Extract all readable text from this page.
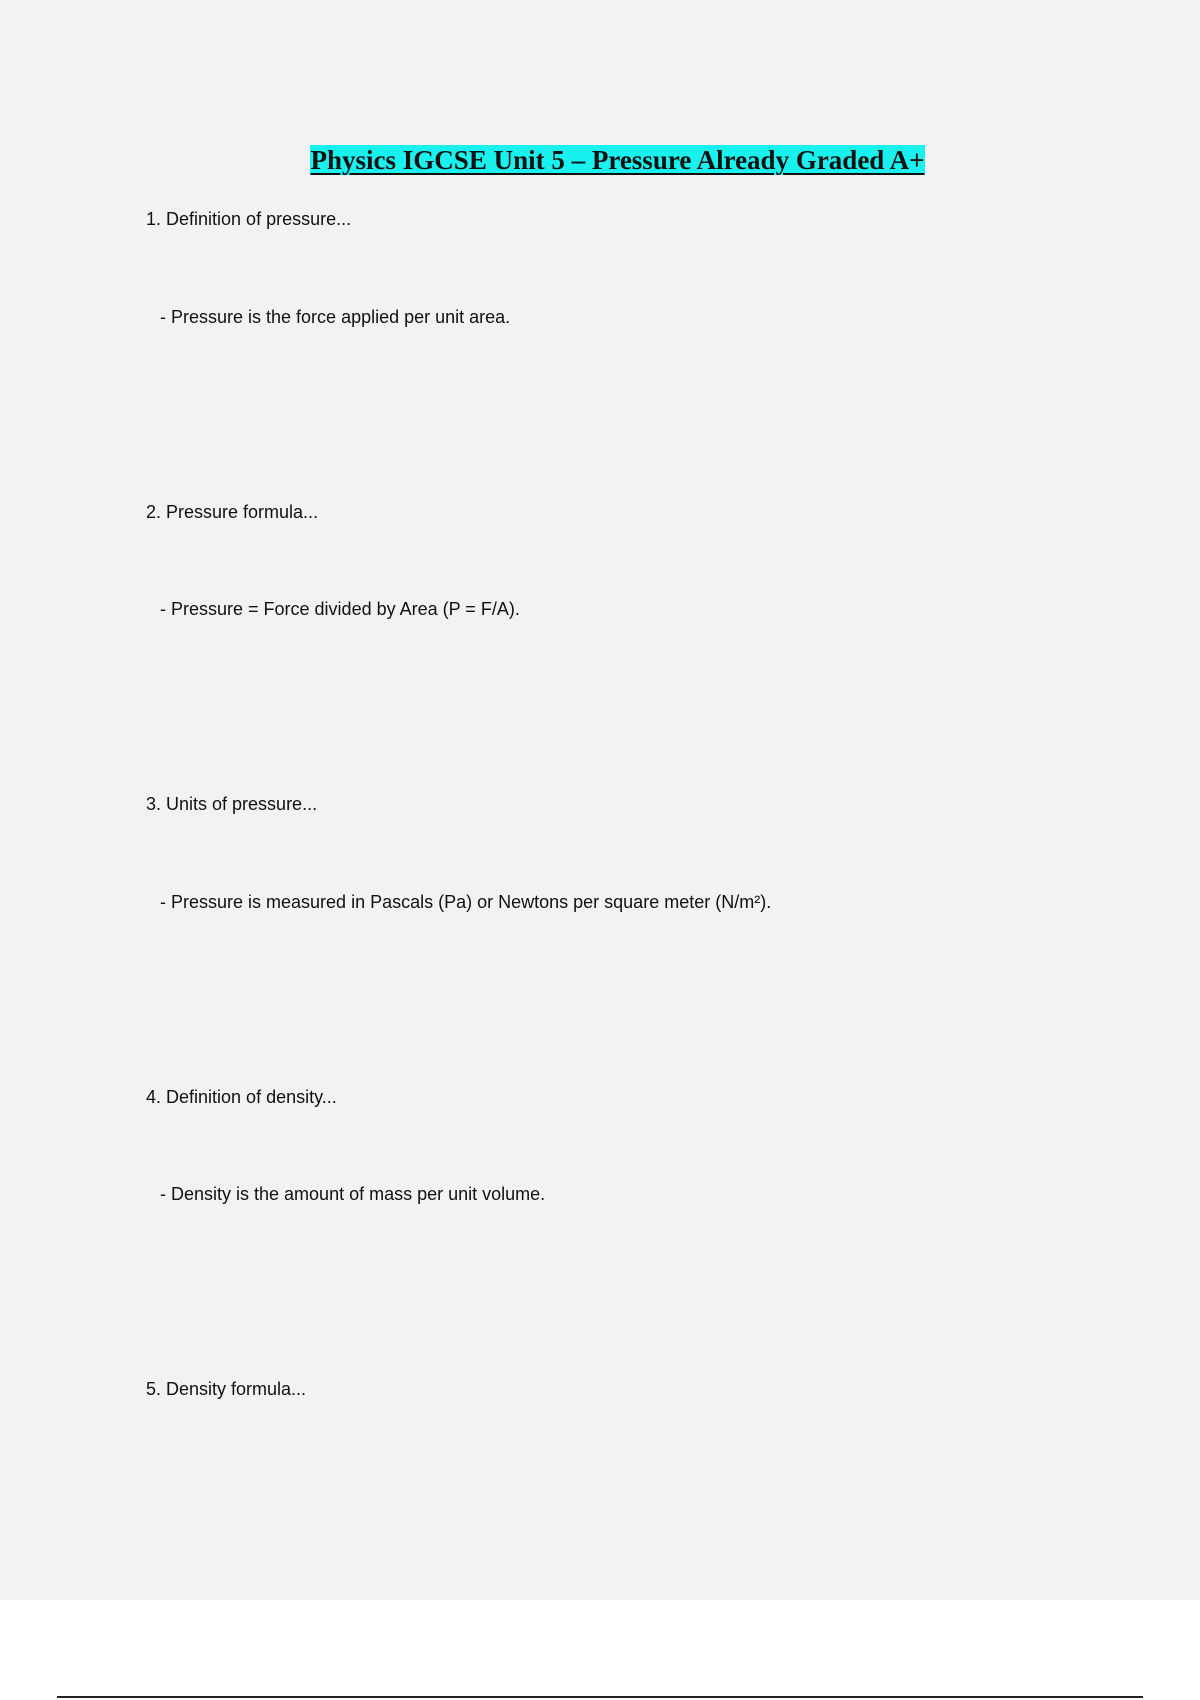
Physics IGCSE Unit 5 – Pressure Already Graded A+

1. Definition of pressure...

- Pressure is the force applied per unit area.

2. Pressure formula...

- Pressure = Force divided by Area (P = F/A).

3. Units of pressure...

- Pressure is measured in Pascals (Pa) or Newtons per square meter (N/m²).

4. Definition of density...

- Density is the amount of mass per unit volume.

5. Density formula...
